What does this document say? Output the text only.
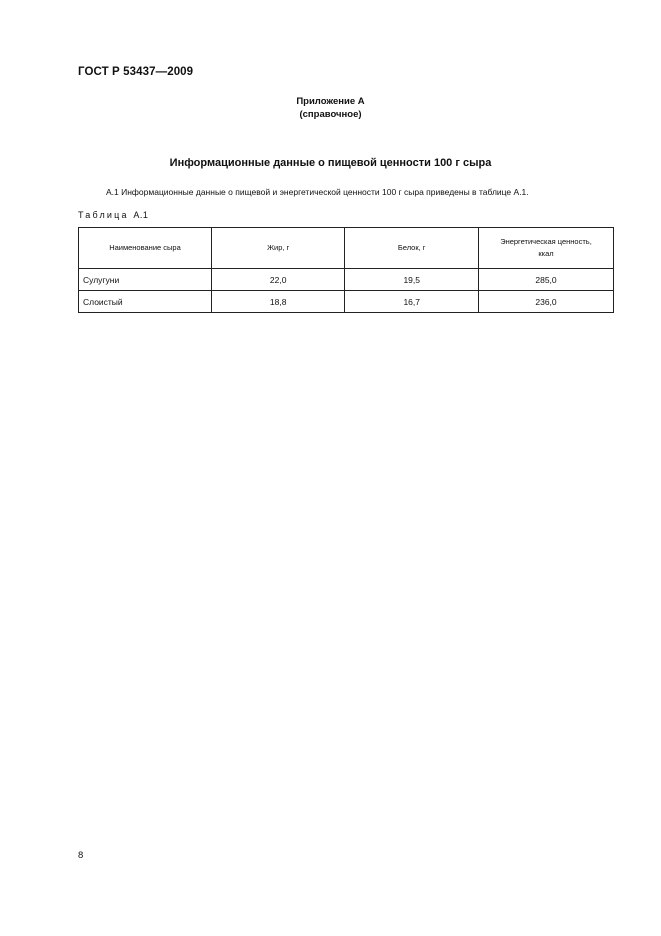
ГОСТ Р 53437—2009
Приложение А
(справочное)
Информационные данные о пищевой ценности 100 г сыра
А.1 Информационные данные о пищевой и энергетической ценности 100 г сыра приведены в таблице А.1.
Таблица А.1
Наименование сыра	Жир, г	Белок, г	Энергетическая ценность,
ккал
Сулугуни	22,0	19,5	285,0
Слоистый	18,8	16,7	236,0
8
